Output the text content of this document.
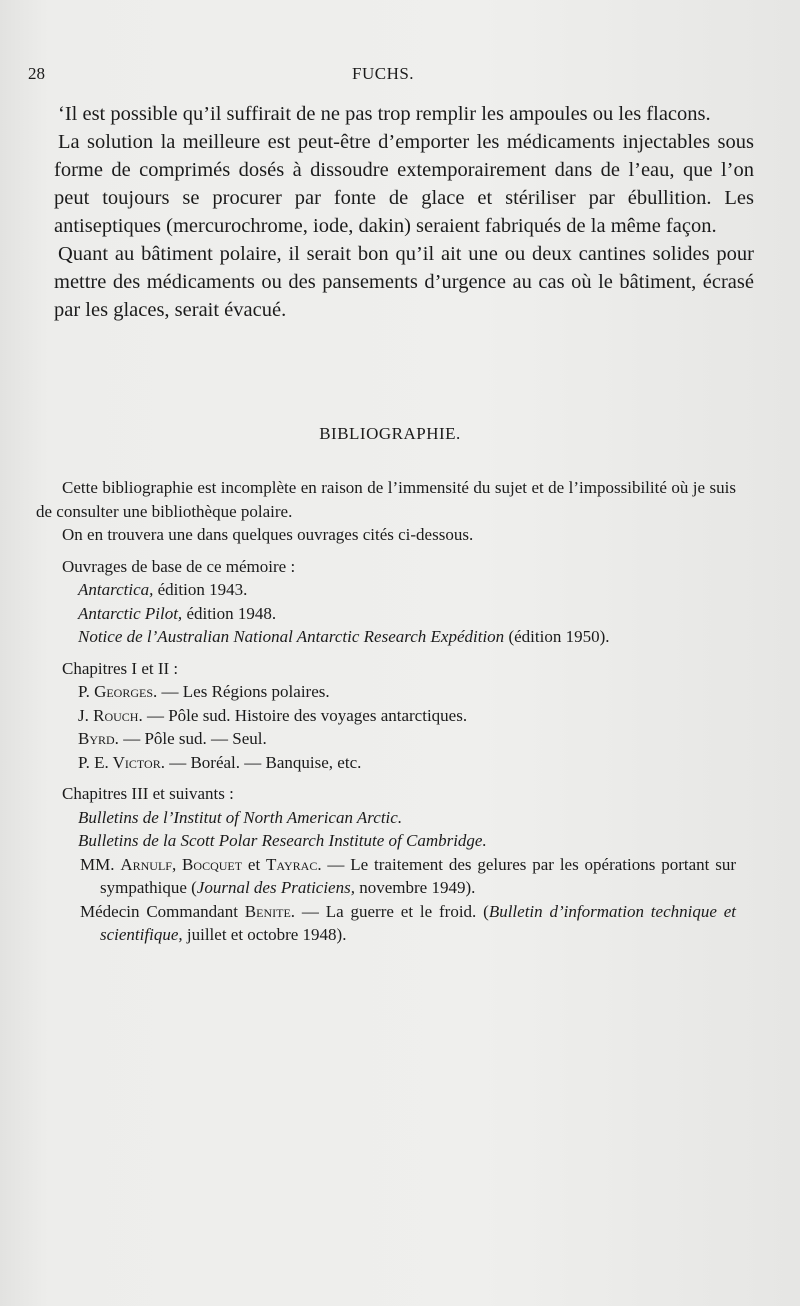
28	FUCHS.

‘Il est possible qu’il suffirait de ne pas trop remplir les ampoules ou les flacons.

La solution la meilleure est peut-être d’emporter les médicaments injectables sous forme de comprimés dosés à dissoudre extemporairement dans de l’eau, que l’on peut toujours se procurer par fonte de glace et stériliser par ébullition. Les antiseptiques (mercurochrome, iode, dakin) seraient fabriqués de la même façon.

Quant au bâtiment polaire, il serait bon qu’il ait une ou deux cantines solides pour mettre des médicaments ou des pansements d’urgence au cas où le bâtiment, écrasé par les glaces, serait évacué.

BIBLIOGRAPHIE.

Cette bibliographie est incomplète en raison de l’immensité du sujet et de l’impossibilité où je suis de consulter une bibliothèque polaire.

On en trouvera une dans quelques ouvrages cités ci-dessous.

Ouvrages de base de ce mémoire :

Antarctica, édition 1943.

Antarctic Pilot, édition 1948.

Notice de l’Australian National Antarctic Research Expédition (édition 1950).

Chapitres I et II :

P. Georges. — Les Régions polaires.

J. Rouch. — Pôle sud. Histoire des voyages antarctiques.

Byrd. — Pôle sud. — Seul.

P. E. Victor. — Boréal. — Banquise, etc.

Chapitres III et suivants :

Bulletins de l’Institut of North American Arctic.

Bulletins de la Scott Polar Research Institute of Cambridge.

MM. Arnulf, Bocquet et Tayrac. — Le traitement des gelures par les opérations portant sur sympathique (Journal des Praticiens, novembre 1949).

Médecin Commandant Benite. — La guerre et le froid. (Bulletin d’information technique et scientifique, juillet et octobre 1948).
